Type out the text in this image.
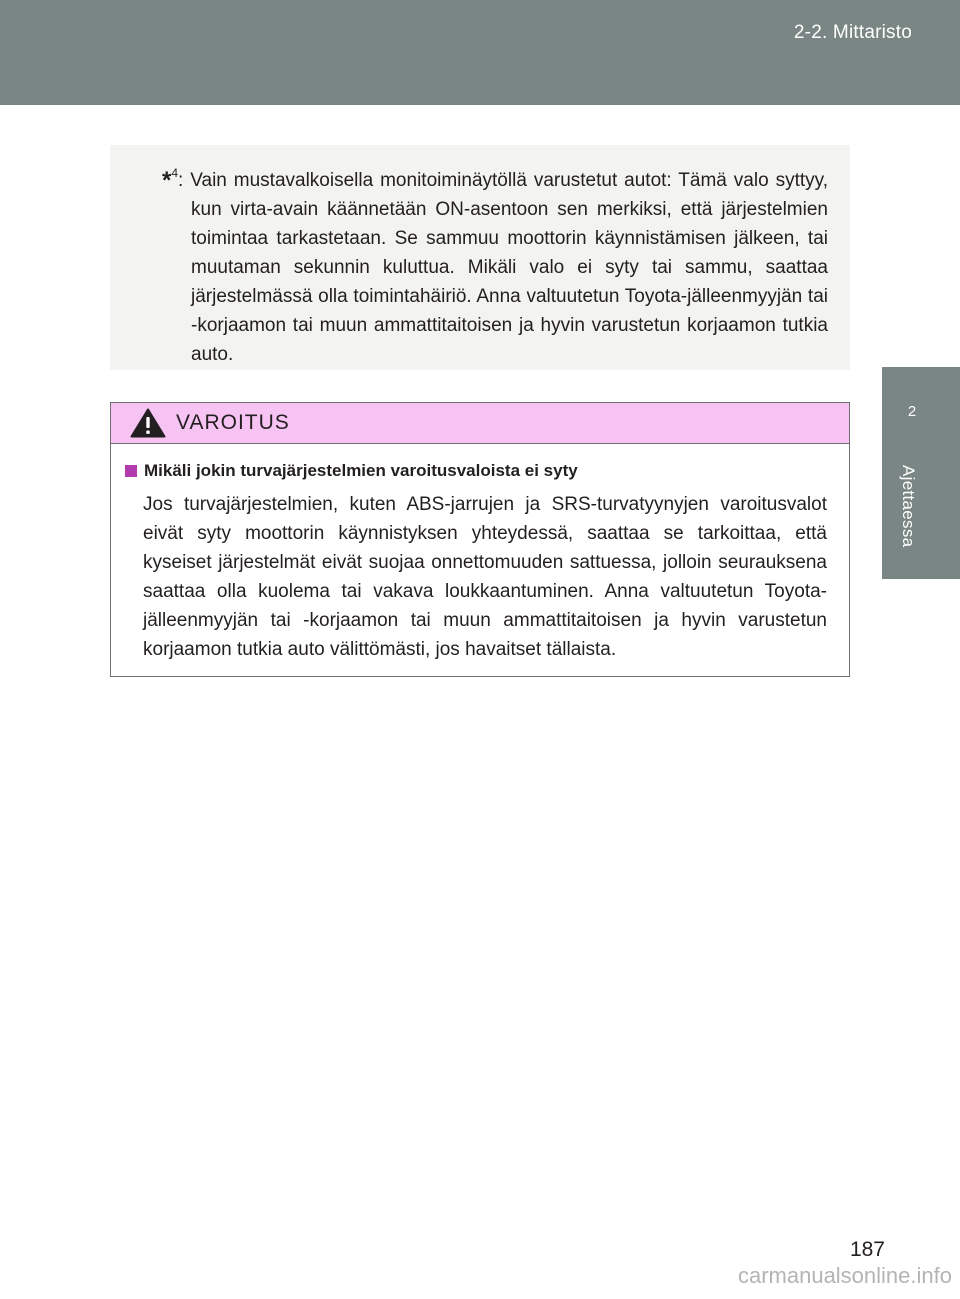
2-2. Mittaristo
2
Ajettaessa

*$^4$: Vain mustavalkoisella monitoiminäytöllä varustetut autot: Tämä valo syttyy, kun virta-avain käännetään ON-asentoon sen merkiksi, että järjestelmien toimintaa tarkastetaan. Se sammuu moottorin käynnistämisen jälkeen, tai muutaman sekunnin kuluttua. Mikäli valo ei syty tai sammu, saattaa järjestelmässä olla toimintahäiriö. Anna valtuutetun Toyota-jälleenmyyjän tai -korjaamon tai muun ammattitaitoisen ja hyvin varustetun korjaamon tutkia auto.

VAROITUS
Mikäli jokin turvajärjestelmien varoitusvaloista ei syty

Jos turvajärjestelmien, kuten ABS-jarrujen ja SRS-turvatyynyjen varoitusvalot eivät syty moottorin käynnistyksen yhteydessä, saattaa se tarkoittaa, että kyseiset järjestelmät eivät suojaa onnettomuuden sattuessa, jolloin seurauksena saattaa olla kuolema tai vakava loukkaantuminen. Anna valtuutetun Toyota-jälleenmyyjän tai -korjaamon tai muun ammattitaitoisen ja hyvin varustetun korjaamon tutkia auto välittömästi, jos havaitset tällaista.

187
carmanualsonline.info
